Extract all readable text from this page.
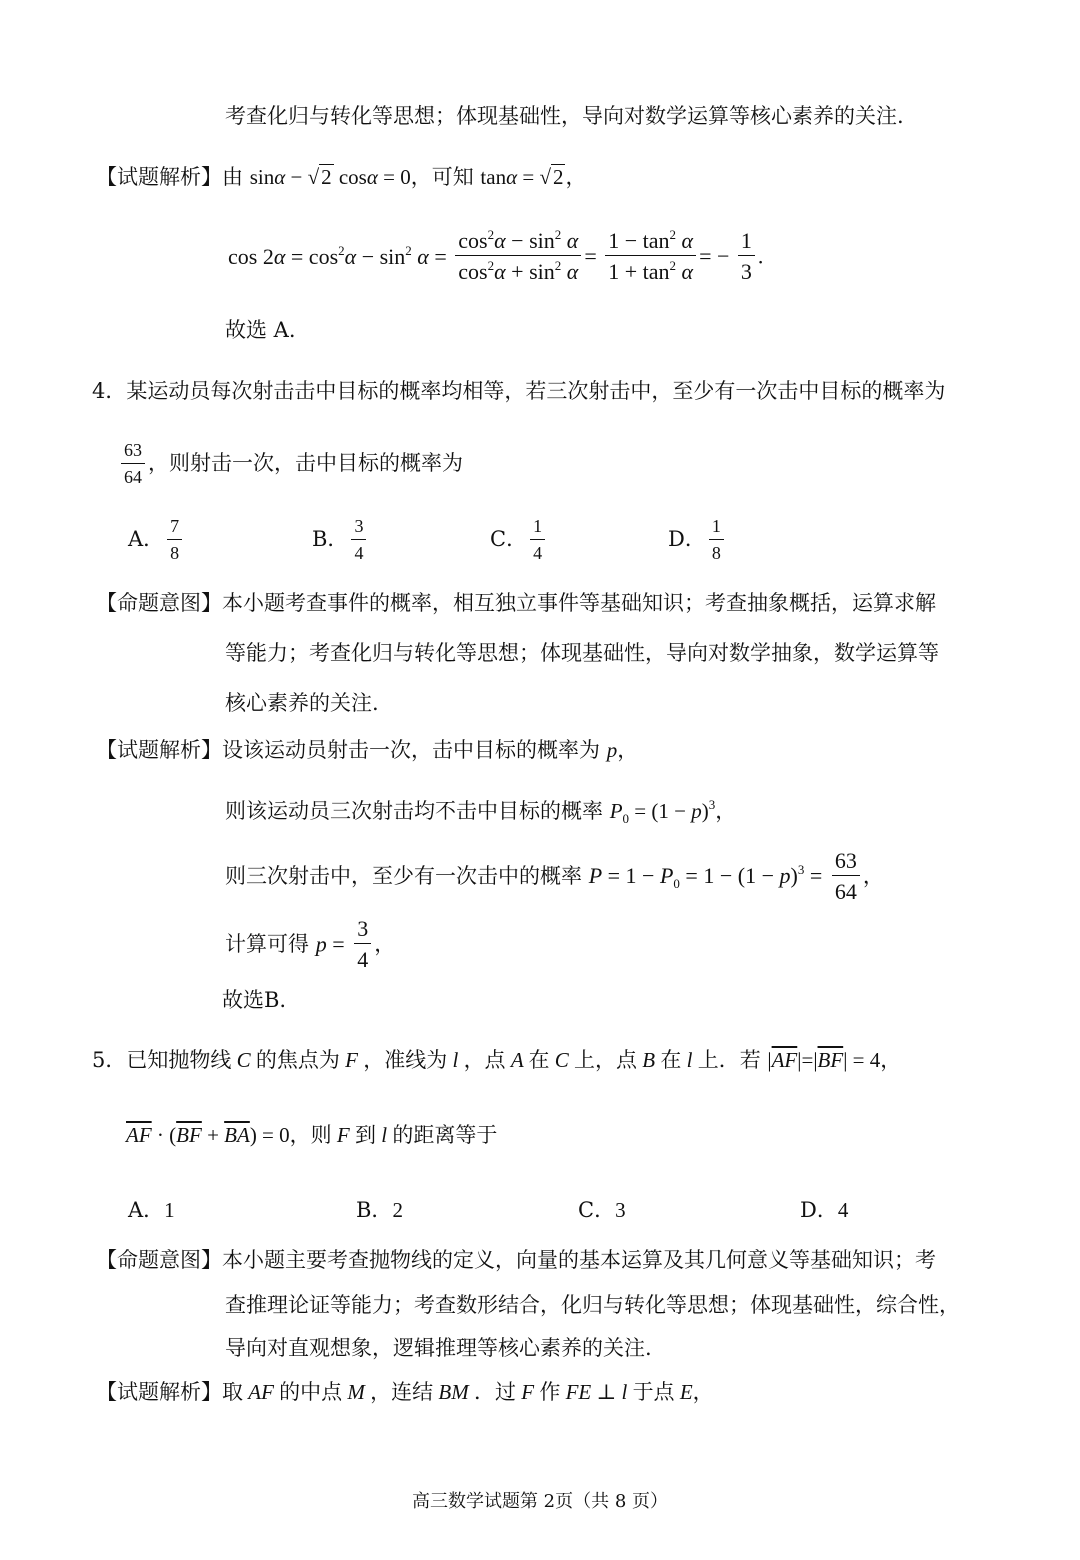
考查化归与转化等思想；体现基础性，导向对数学运算等核心素养的关注.
【试题解析】由 sinα − √2 cosα = 0，可知 tanα = √2，
$\cos 2\alpha = \cos^2\alpha - \sin^2 \alpha = \frac{\cos^2\alpha - \sin^2 \alpha}{\cos^2\alpha + \sin^2 \alpha} = \frac{1 - \tan^2 \alpha}{1 + \tan^2 \alpha}$ = − $\frac{1}{3}$ .
故选 A.
4．某运动员每次射击击中目标的概率均相等，若三次射击中，至少有一次击中目标的概率为
$\frac{63}{64}$ ，则射击一次，击中目标的概率为
A． $\frac{7}{8}$	B． $\frac{3}{4}$	C． $\frac{1}{4}$	D． $\frac{1}{8}$
【命题意图】本小题考查事件的概率，相互独立事件等基础知识；考查抽象概括，运算求解
等能力；考查化归与转化等思想；体现基础性，导向对数学抽象，数学运算等
核心素养的关注.
【试题解析】设该运动员射击一次，击中目标的概率为 p，
则该运动员三次射击均不击中目标的概率 $P_0 = (1 - p)^3$，
则三次射击中，至少有一次击中的概率 $P = 1 - P_0 = 1 - (1 - p)^3 = \frac{63}{64}$ ，
计算可得 $p = \frac{3}{4}$ ，
故选B.
5．已知抛物线 C 的焦点为 F ，准线为 l ，点 A 在 C 上，点 B 在 l 上．若 $|\overline{AF}|=|\overline{BF}| = 4$，
$\overline{AF} \cdot (\overline{BF} + \overline{BA}) = 0$，则 F 到 l 的距离等于
A．1	B．2	C．3	D．4
【命题意图】本小题主要考查抛物线的定义，向量的基本运算及其几何意义等基础知识；考
查推理论证等能力；考查数形结合，化归与转化等思想；体现基础性，综合性，
导向对直观想象，逻辑推理等核心素养的关注.
【试题解析】取 AF 的中点 M ，连结 BM ．过 F 作 FE ⊥ l 于点 E，
高三数学试题第 2页（共 8 页）
